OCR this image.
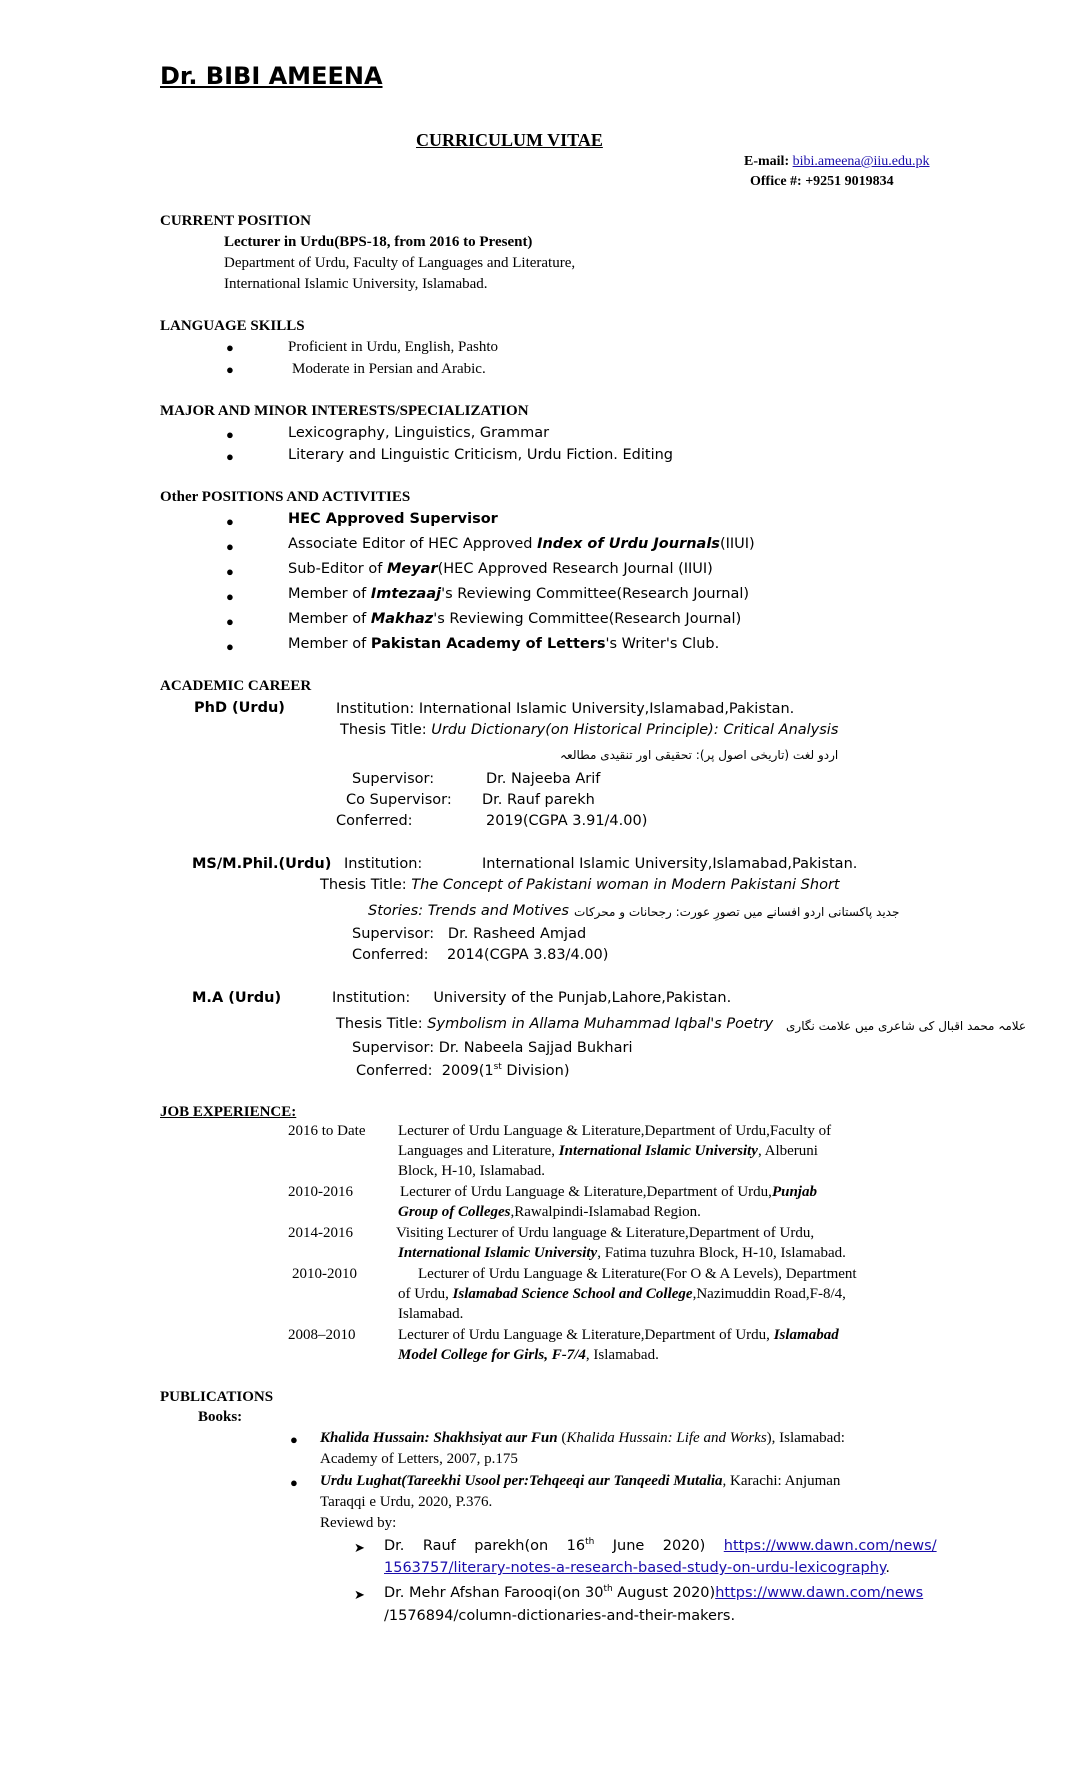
Dr. BIBI AMEENA
CURRICULUM VITAE
E-mail: bibi.ameena@iiu.edu.pk
Office #: +9251 9019834
CURRENT POSITION
Lecturer in Urdu(BPS-18, from 2016 to Present)
Department of Urdu, Faculty of Languages and Literature,
International Islamic University, Islamabad.
LANGUAGE SKILLS
●	Proficient in Urdu, English, Pashto
●	Moderate in Persian and Arabic.
MAJOR AND MINOR INTERESTS/SPECIALIZATION
●	Lexicography, Linguistics, Grammar
●	Literary and Linguistic Criticism, Urdu Fiction. Editing
Other POSITIONS AND ACTIVITIES
●	HEC Approved Supervisor
●	Associate Editor of HEC Approved Index of Urdu Journals(IIUI)
●	Sub-Editor of Meyar(HEC Approved Research Journal (IIUI)
●	Member of Imtezaaj's Reviewing Committee(Research Journal)
●	Member of Makhaz's Reviewing Committee(Research Journal)
●	Member of Pakistan Academy of Letters's Writer's Club.
ACADEMIC CAREER
PhD (Urdu)	Institution: International Islamic University,Islamabad,Pakistan.
Thesis Title: Urdu Dictionary(on Historical Principle): Critical Analysis
اردو لغت (تاریخی اصول پر): تحقیقی اور تنقیدی مطالعہ
Supervisor:	Dr. Najeeba Arif
Co Supervisor: Dr. Rauf parekh
Conferred:	2019(CGPA 3.91/4.00)
MS/M.Phil.(Urdu) Institution:	International Islamic University,Islamabad,Pakistan.
Thesis Title: The Concept of Pakistani woman in Modern Pakistani Short
Stories: Trends and Motives جدید پاکستانی اردو افسانے میں تصورِ عورت: رجحانات و محرکات
Supervisor:   Dr. Rasheed Amjad
Conferred:    2014(CGPA 3.83/4.00)
M.A (Urdu)	Institution:     University of the Punjab,Lahore,Pakistan.
Thesis Title: Symbolism in Allama Muhammad Iqbal's Poetry علامہ محمد اقبال کی شاعری میں علامت نگاری
Supervisor: Dr. Nabeela Sajjad Bukhari
Conferred:  2009(1st Division)
JOB EXPERIENCE:
2016 to Date Lecturer of Urdu Language & Literature,Department of Urdu,Faculty of
Languages and Literature, International Islamic University, Alberuni
Block, H-10, Islamabad.
2010-2016	Lecturer of Urdu Language & Literature,Department of Urdu,Punjab
Group of Colleges,Rawalpindi-Islamabad Region.
2014-2016	Visiting Lecturer of Urdu language & Literature,Department of Urdu,
International Islamic University, Fatima tuzuhra Block, H-10, Islamabad.
2010-2010	Lecturer of Urdu Language & Literature(For O & A Levels), Department
of Urdu, Islamabad Science School and College,Nazimuddin Road,F-8/4,
Islamabad.
2008–2010	Lecturer of Urdu Language & Literature,Department of Urdu, Islamabad
Model College for Girls, F-7/4, Islamabad.
PUBLICATIONS
Books:
● Khalida Hussain: Shakhsiyat aur Fun (Khalida Hussain: Life and Works), Islamabad:
Academy of Letters, 2007, p.175
● Urdu Lughat(Tareekhi Usool per:Tehqeeqi aur Tanqeedi Mutalia, Karachi: Anjuman
Taraqqi e Urdu, 2020, P.376.
Reviewd by:
➤ Dr.    Rauf    parekh(on    16th    June    2020)    https://www.dawn.com/news/
1563757/literary-notes-a-research-based-study-on-urdu-lexicography.
➤ Dr. Mehr Afshan Farooqi(on 30th August 2020)https://www.dawn.com/news
/1576894/column-dictionaries-and-their-makers.
